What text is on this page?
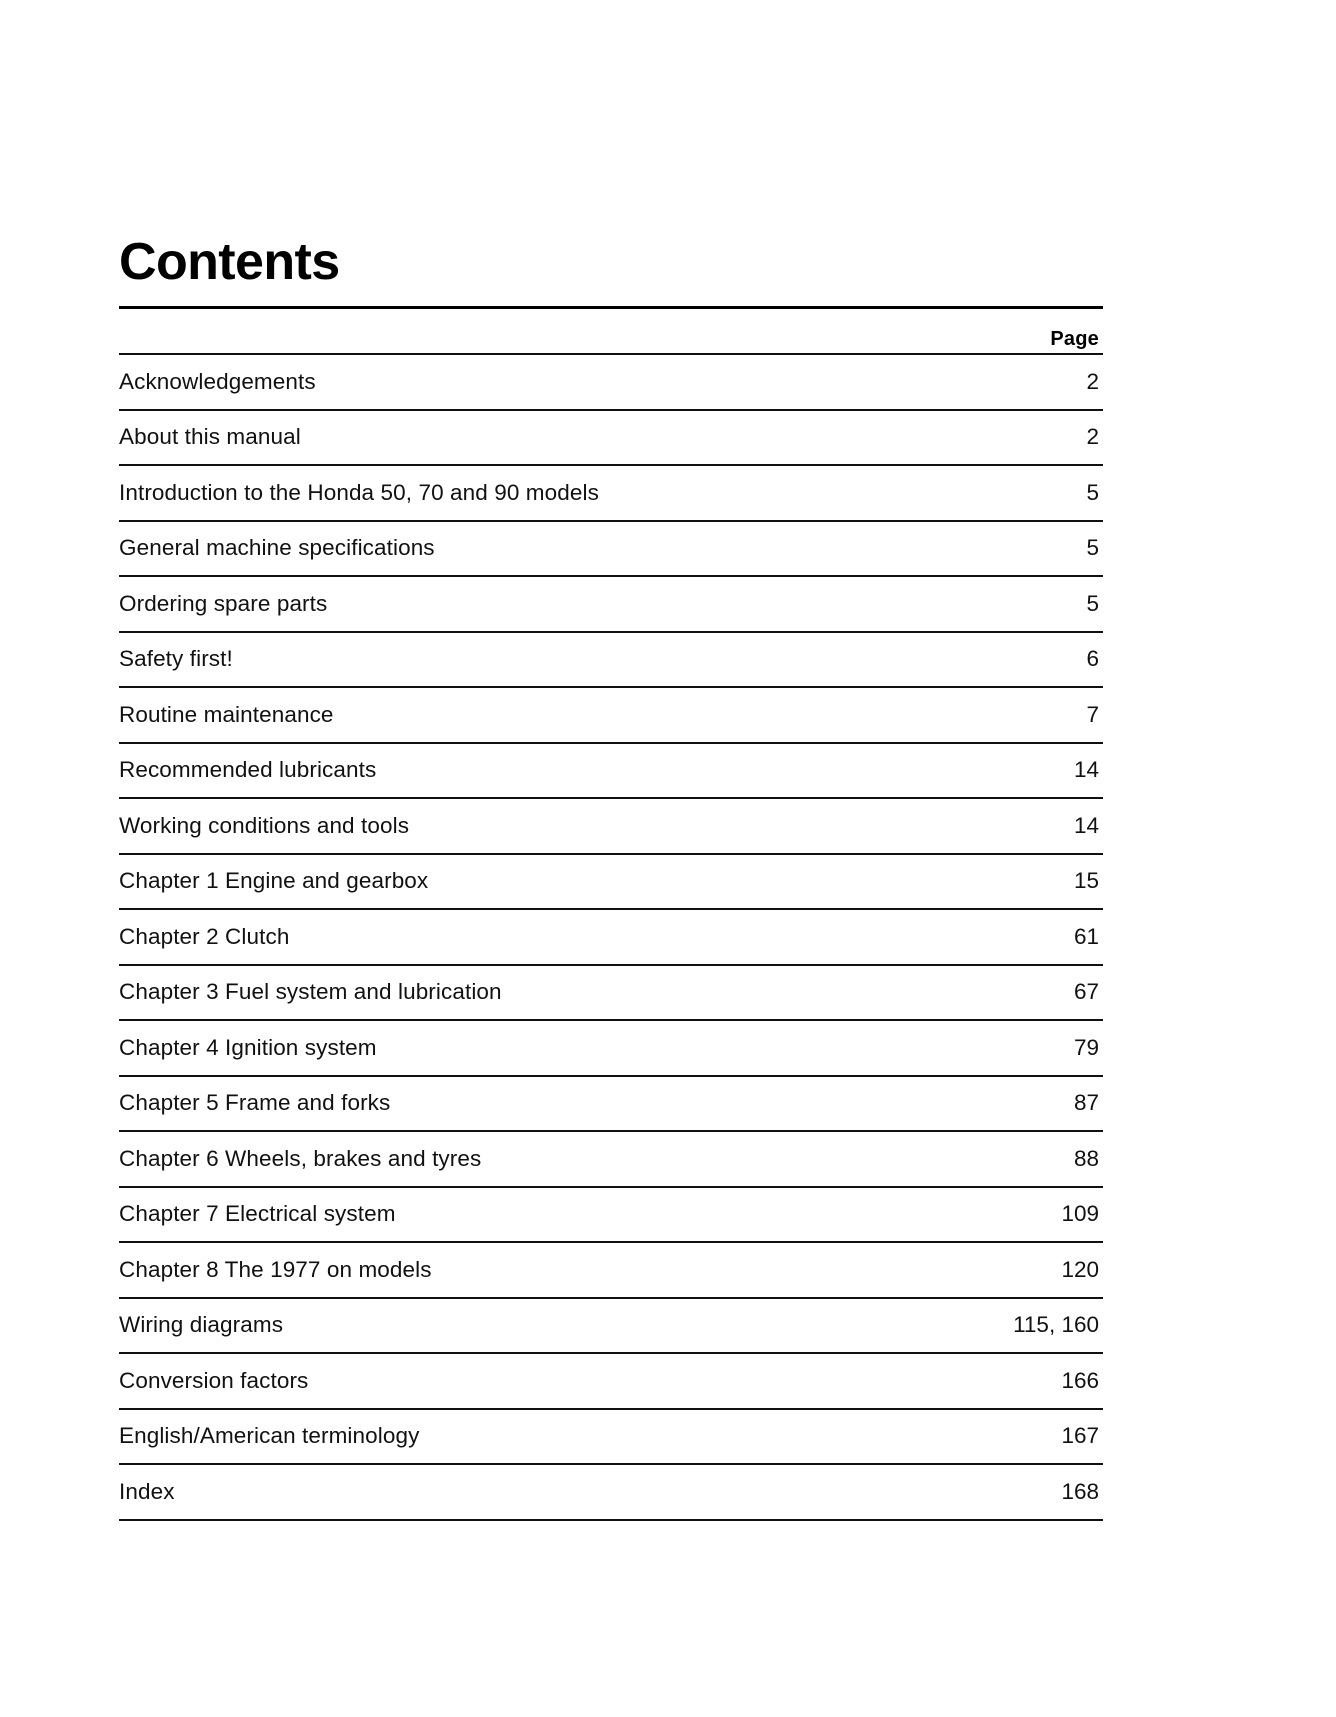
Contents
Page
Acknowledgements	2
About this manual	2
Introduction to the Honda 50, 70 and 90 models	5
General machine specifications	5
Ordering spare parts	5
Safety first!	6
Routine maintenance	7
Recommended lubricants	14
Working conditions and tools	14
Chapter 1 Engine and gearbox	15
Chapter 2 Clutch	61
Chapter 3 Fuel system and lubrication	67
Chapter 4 Ignition system	79
Chapter 5 Frame and forks	87
Chapter 6 Wheels, brakes and tyres	88
Chapter 7 Electrical system	109
Chapter 8 The 1977 on models	120
Wiring diagrams	115, 160
Conversion factors	166
English/American terminology	167
Index	168
